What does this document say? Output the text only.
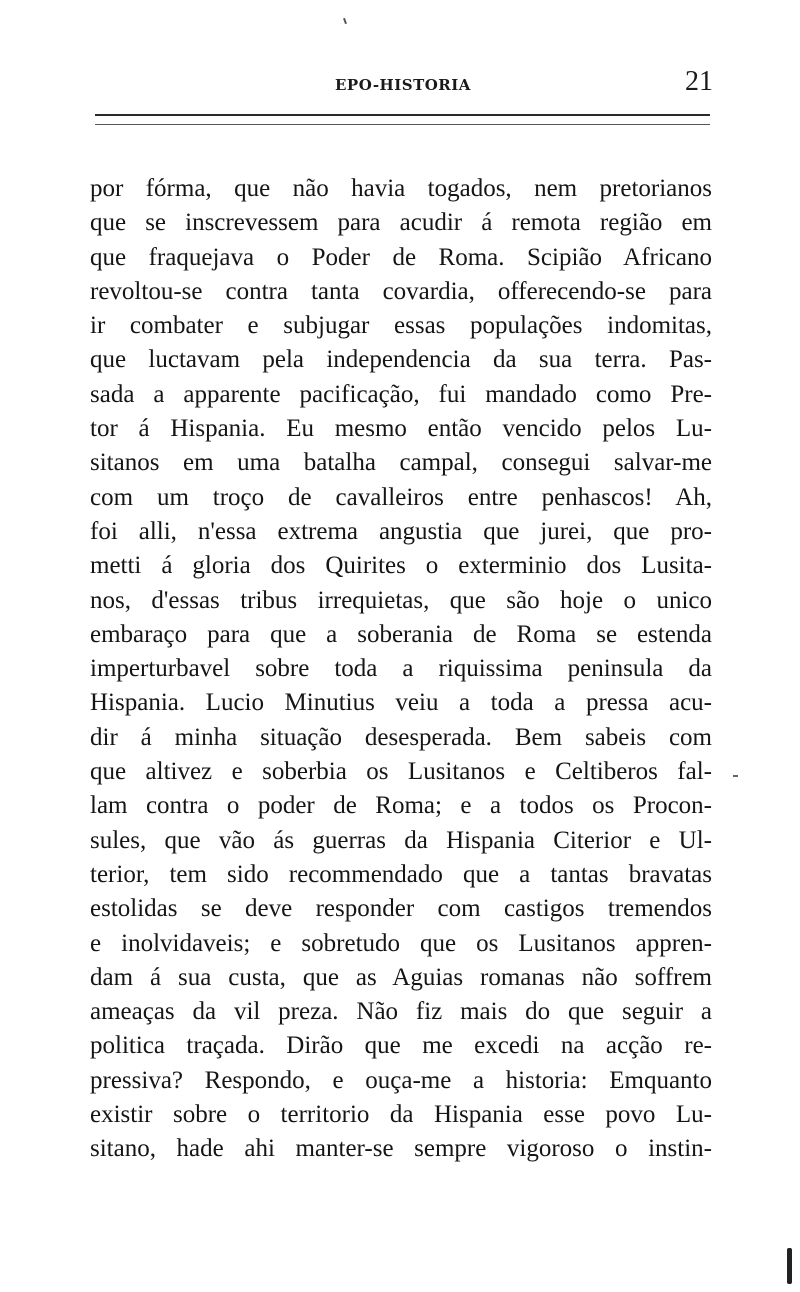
EPO-HISTORIA	21
por fórma, que não havia togados, nem pretorianos
que se inscrevessem para acudir á remota região em
que fraquejava o Poder de Roma. Scipião Africano
revoltou-se contra tanta covardia, offerecendo-se para
ir combater e subjugar essas populações indomitas,
que luctavam pela independencia da sua terra. Pas-
sada a apparente pacificação, fui mandado como Pre-
tor á Hispania. Eu mesmo então vencido pelos Lu-
sitanos em uma batalha campal, consegui salvar-me
com um troço de cavalleiros entre penhascos! Ah,
foi alli, n'essa extrema angustia que jurei, que pro-
metti á gloria dos Quirites o exterminio dos Lusita-
nos, d'essas tribus irrequietas, que são hoje o unico
embaraço para que a soberania de Roma se estenda
imperturbavel sobre toda a riquissima peninsula da
Hispania. Lucio Minutius veiu a toda a pressa acu-
dir á minha situação desesperada. Bem sabeis com
que altivez e soberbia os Lusitanos e Celtiberos fal-
lam contra o poder de Roma; e a todos os Procon-
sules, que vão ás guerras da Hispania Citerior e Ul-
terior, tem sido recommendado que a tantas bravatas
estolidas se deve responder com castigos tremendos
e inolvidaveis; e sobretudo que os Lusitanos appren-
dam á sua custa, que as Aguias romanas não soffrem
ameaças da vil preza. Não fiz mais do que seguir a
politica traçada. Dirão que me excedi na acção re-
pressiva? Respondo, e ouça-me a historia: Emquanto
existir sobre o territorio da Hispania esse povo Lu-
sitano, hade ahi manter-se sempre vigoroso o instin-
